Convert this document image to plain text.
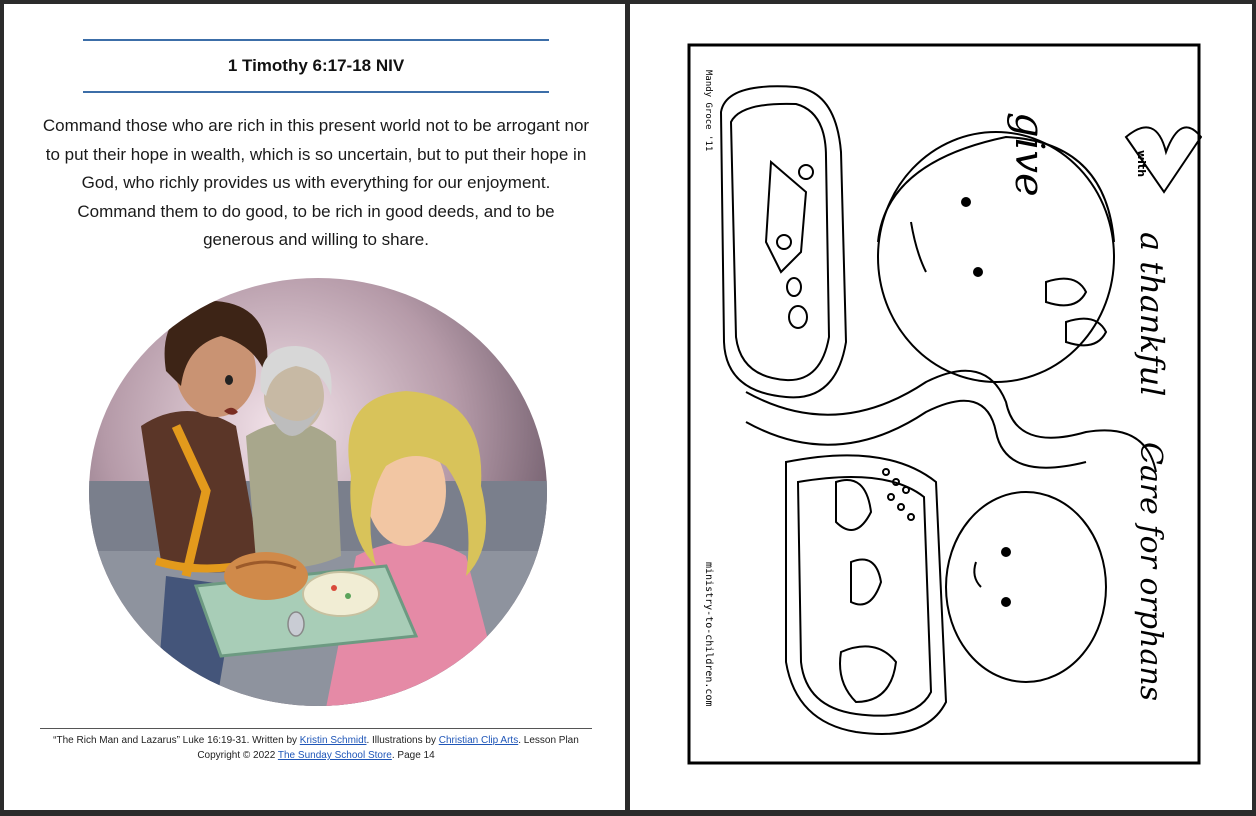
1 Timothy 6:17-18 NIV
Command those who are rich in this present world not to be arrogant nor to put their hope in wealth, which is so uncertain, but to put their hope in God, who richly provides us with everything for our enjoyment. Command them to do good, to be rich in good deeds, and to be generous and willing to share.
“The Rich Man and Lazarus” Luke 16:19-31. Written by Kristin Schmidt. Illustrations by Christian Clip Arts. Lesson Plan Copyright © 2022 The Sunday School Store. Page 14
give	with
a thankful
Care for orphans
Mandy Groce '11
ministry-to-children.com
